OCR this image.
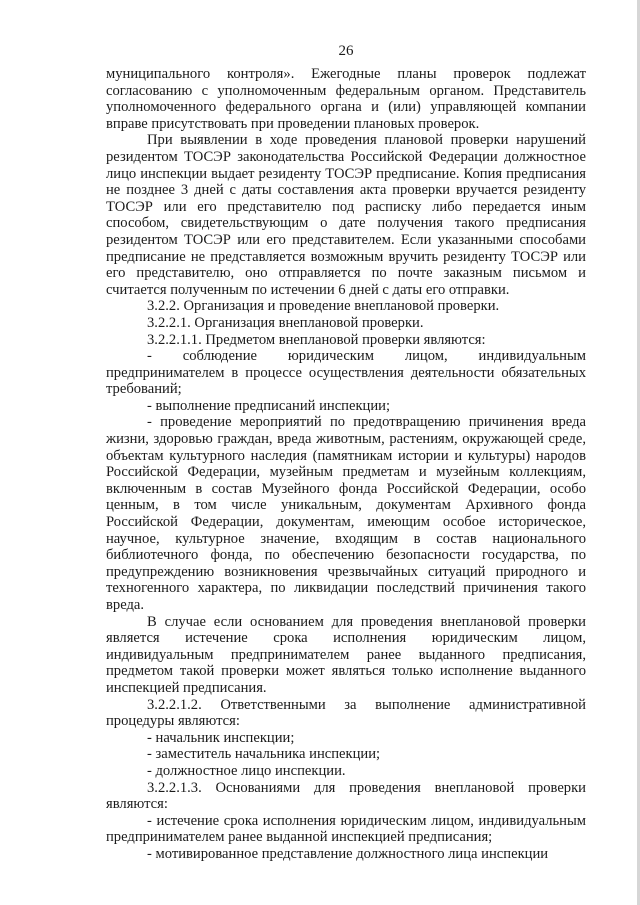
26

муниципального контроля». Ежегодные планы проверок подлежат согласованию с уполномоченным федеральным органом. Представитель уполномоченного федерального органа и (или) управляющей компании вправе присутствовать при проведении плановых проверок.

При выявлении в ходе проведения плановой проверки нарушений резидентом ТОСЭР законодательства Российской Федерации должностное лицо инспекции выдает резиденту ТОСЭР предписание. Копия предписания не позднее 3 дней с даты составления акта проверки вручается резиденту ТОСЭР или его представителю под расписку либо передается иным способом, свидетельствующим о дате получения такого предписания резидентом ТОСЭР или его представителем. Если указанными способами предписание не представляется возможным вручить резиденту ТОСЭР или его представителю, оно отправляется по почте заказным письмом и считается полученным по истечении 6 дней с даты его отправки.

3.2.2. Организация и проведение внеплановой проверки.

3.2.2.1. Организация внеплановой проверки.

3.2.2.1.1. Предметом внеплановой проверки являются:

- соблюдение юридическим лицом, индивидуальным предпринимателем в процессе осуществления деятельности обязательных требований;

- выполнение предписаний инспекции;

- проведение мероприятий по предотвращению причинения вреда жизни, здоровью граждан, вреда животным, растениям, окружающей среде, объектам культурного наследия (памятникам истории и культуры) народов Российской Федерации, музейным предметам и музейным коллекциям, включенным в состав Музейного фонда Российской Федерации, особо ценным, в том числе уникальным, документам Архивного фонда Российской Федерации, документам, имеющим особое историческое, научное, культурное значение, входящим в состав национального библиотечного фонда, по обеспечению безопасности государства, по предупреждению возникновения чрезвычайных ситуаций природного и техногенного характера, по ликвидации последствий причинения такого вреда.

В случае если основанием для проведения внеплановой проверки является истечение срока исполнения юридическим лицом, индивидуальным предпринимателем ранее выданного предписания, предметом такой проверки может являться только исполнение выданного инспекцией предписания.

3.2.2.1.2. Ответственными за выполнение административной процедуры являются:

- начальник инспекции;

- заместитель начальника инспекции;

- должностное лицо инспекции.

3.2.2.1.3. Основаниями для проведения внеплановой проверки являются:

- истечение срока исполнения юридическим лицом, индивидуальным предпринимателем ранее выданной инспекцией предписания;

- мотивированное представление должностного лица инспекции
